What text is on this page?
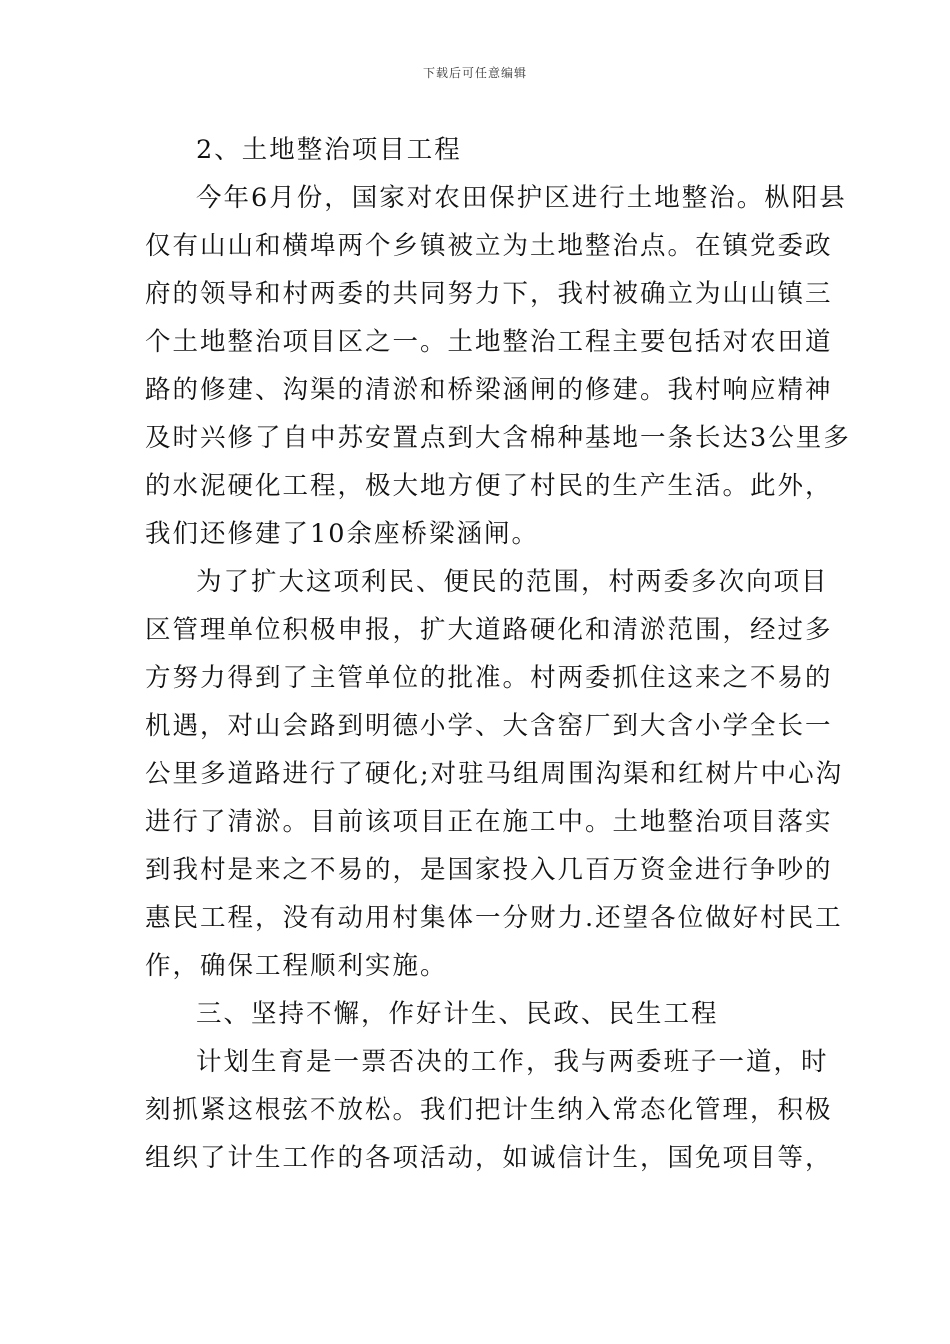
下载后可任意编辑
2、土地整治项目工程
今年6月份，国家对农田保护区进行土地整治。枞阳县
仅有山山和横埠两个乡镇被立为土地整治点。在镇党委政
府的领导和村两委的共同努力下，我村被确立为山山镇三
个土地整治项目区之一。土地整治工程主要包括对农田道
路的修建、沟渠的清淤和桥梁涵闸的修建。我村响应精神
及时兴修了自中苏安置点到大含棉种基地一条长达3公里多
的水泥硬化工程，极大地方便了村民的生产生活。此外，
我们还修建了10余座桥梁涵闸。
为了扩大这项利民、便民的范围，村两委多次向项目
区管理单位积极申报，扩大道路硬化和清淤范围，经过多
方努力得到了主管单位的批准。村两委抓住这来之不易的
机遇，对山会路到明德小学、大含窑厂到大含小学全长一
公里多道路进行了硬化;对驻马组周围沟渠和红树片中心沟
进行了清淤。目前该项目正在施工中。土地整治项目落实
到我村是来之不易的，是国家投入几百万资金进行争吵的
惠民工程，没有动用村集体一分财力.还望各位做好村民工
作，确保工程顺利实施。
三、坚持不懈，作好计生、民政、民生工程
计划生育是一票否决的工作，我与两委班子一道，时
刻抓紧这根弦不放松。我们把计生纳入常态化管理，积极
组织了计生工作的各项活动，如诚信计生，国免项目等，
